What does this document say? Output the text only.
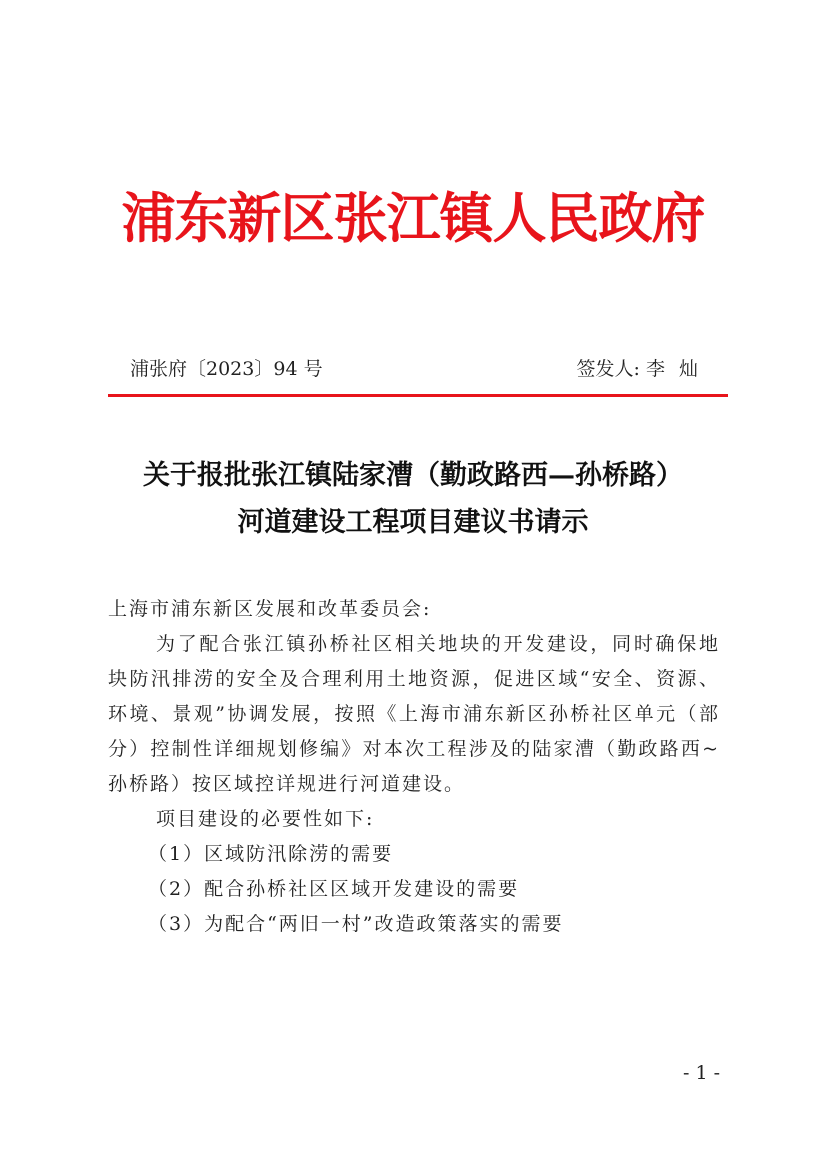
浦东新区张江镇人民政府
浦张府〔2023〕94 号	签发人: 李灿
关于报批张江镇陆家漕（勤政路西—孙桥路）
河道建设工程项目建议书请示

上海市浦东新区发展和改革委员会:

为了配合张江镇孙桥社区相关地块的开发建设，同时确保地块防汛排涝的安全及合理利用土地资源，促进区域“安全、资源、环境、景观”协调发展，按照《上海市浦东新区孙桥社区单元（部分）控制性详细规划修编》对本次工程涉及的陆家漕（勤政路西~孙桥路）按区域控详规进行河道建设。

项目建设的必要性如下:

（1）区域防汛除涝的需要

（2）配合孙桥社区区域开发建设的需要

（3）为配合“两旧一村”改造政策落实的需要

- 1 -
